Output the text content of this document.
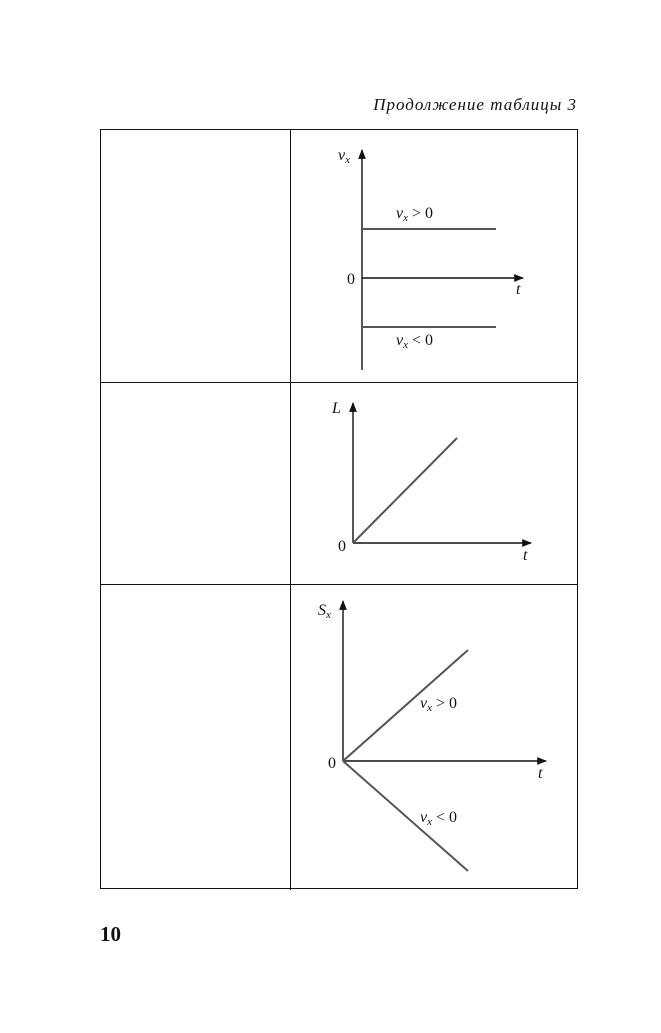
Продолжение таблицы 3
vx
0
t
vx > 0
vx < 0
L
0
t
Sx
0
t
vx > 0
vx < 0
10
